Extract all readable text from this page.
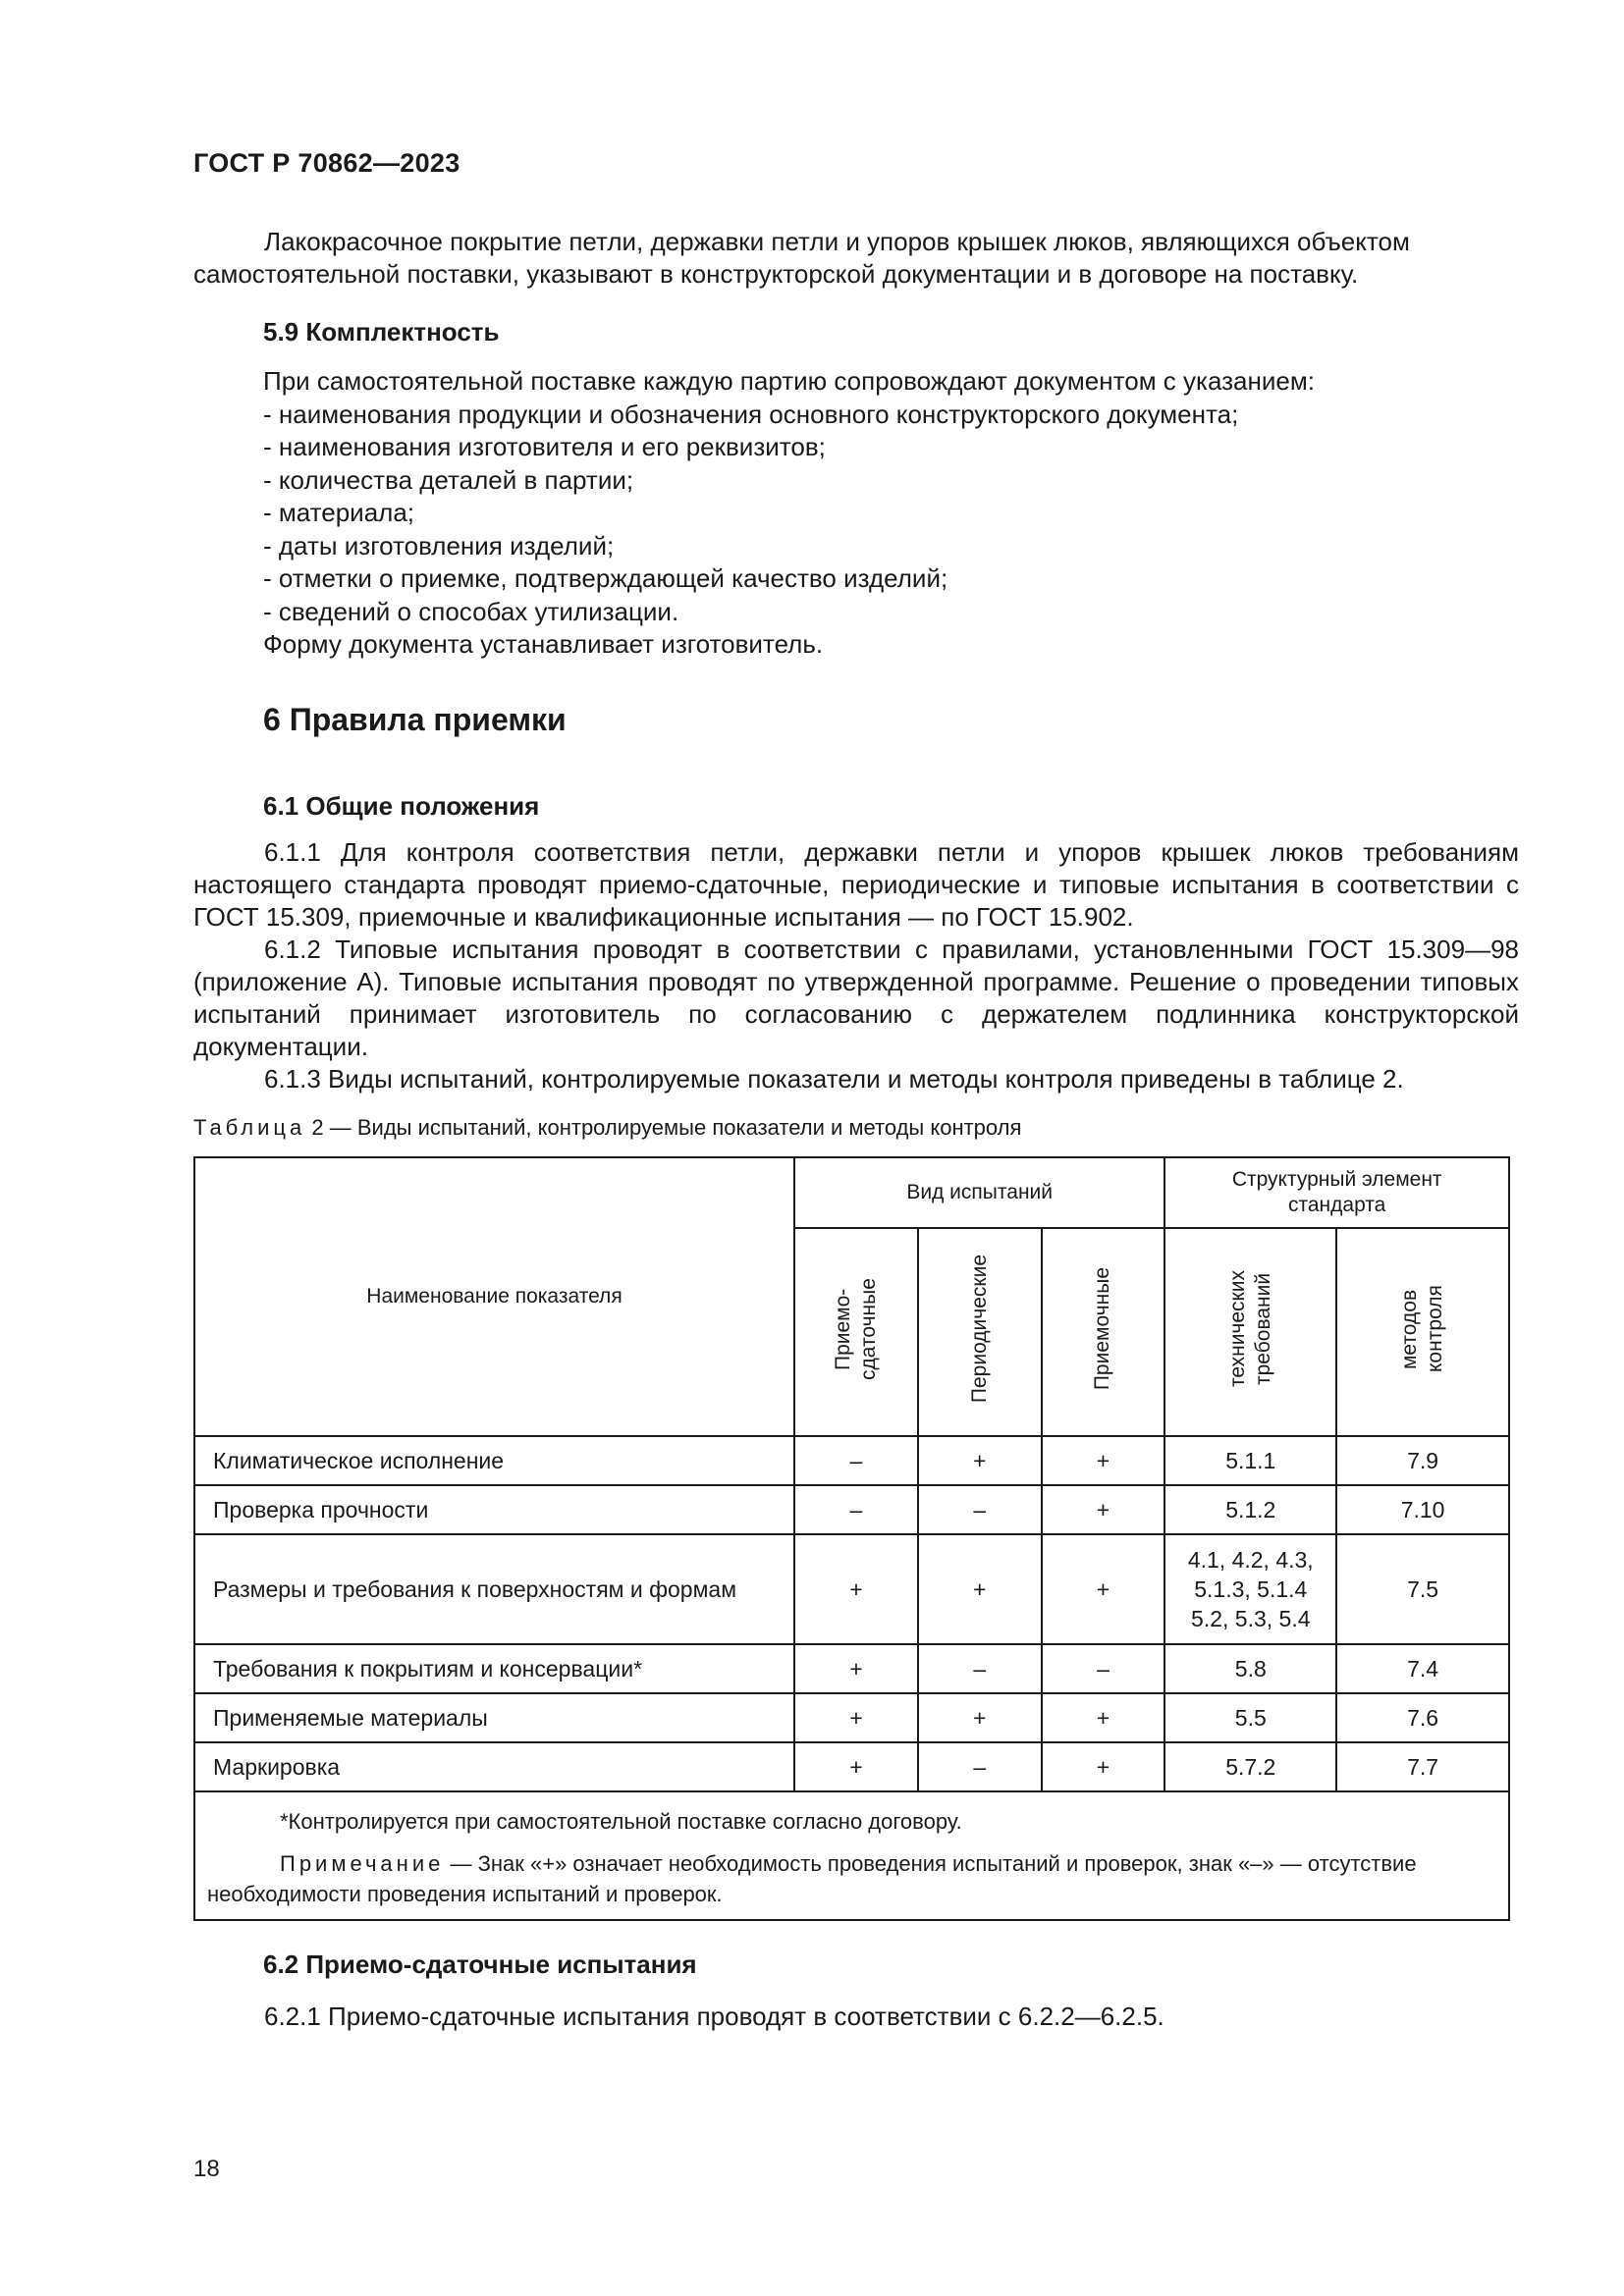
ГОСТ Р 70862—2023
Лакокрасочное покрытие петли, державки петли и упоров крышек люков, являющихся объектом самостоятельной поставки, указывают в конструкторской документации и в договоре на поставку.
5.9 Комплектность
При самостоятельной поставке каждую партию сопровождают документом с указанием:
- наименования продукции и обозначения основного конструкторского документа;
- наименования изготовителя и его реквизитов;
- количества деталей в партии;
- материала;
- даты изготовления изделий;
- отметки о приемке, подтверждающей качество изделий;
- сведений о способах утилизации.
Форму документа устанавливает изготовитель.
6 Правила приемки
6.1 Общие положения
6.1.1 Для контроля соответствия петли, державки петли и упоров крышек люков требованиям настоящего стандарта проводят приемо-сдаточные, периодические и типовые испытания в соответствии с ГОСТ 15.309, приемочные и квалификационные испытания — по ГОСТ 15.902.
6.1.2 Типовые испытания проводят в соответствии с правилами, установленными ГОСТ 15.309—98 (приложение А). Типовые испытания проводят по утвержденной программе. Решение о проведении типовых испытаний принимает изготовитель по согласованию с держателем подлинника конструкторской документации.
6.1.3 Виды испытаний, контролируемые показатели и методы контроля приведены в таблице 2.
Таблица 2 — Виды испытаний, контролируемые показатели и методы контроля
Наименование показателя	Вид испытаний			Структурный элемент стандарта	
	Приемо-сдаточные	Периодические	Приемочные	технических требований	методов контроля
Климатическое исполнение	–	+	+	5.1.1	7.9
Проверка прочности	–	–	+	5.1.2	7.10
Размеры и требования к поверхностям и формам	+	+	+	4.1, 4.2, 4.3, 5.1.3, 5.1.4 5.2, 5.3, 5.4	7.5
Требования к покрытиям и консервации*	+	–	–	5.8	7.4
Применяемые материалы	+	+	+	5.5	7.6
Маркировка	+	–	+	5.7.2	7.7

*Контролируется при самостоятельной поставке согласно договору.
Примечание — Знак «+» означает необходимость проведения испытаний и проверок, знак «–» — отсутствие необходимости проведения испытаний и проверок.					
6.2 Приемо-сдаточные испытания
6.2.1 Приемо-сдаточные испытания проводят в соответствии с 6.2.2—6.2.5.
18
